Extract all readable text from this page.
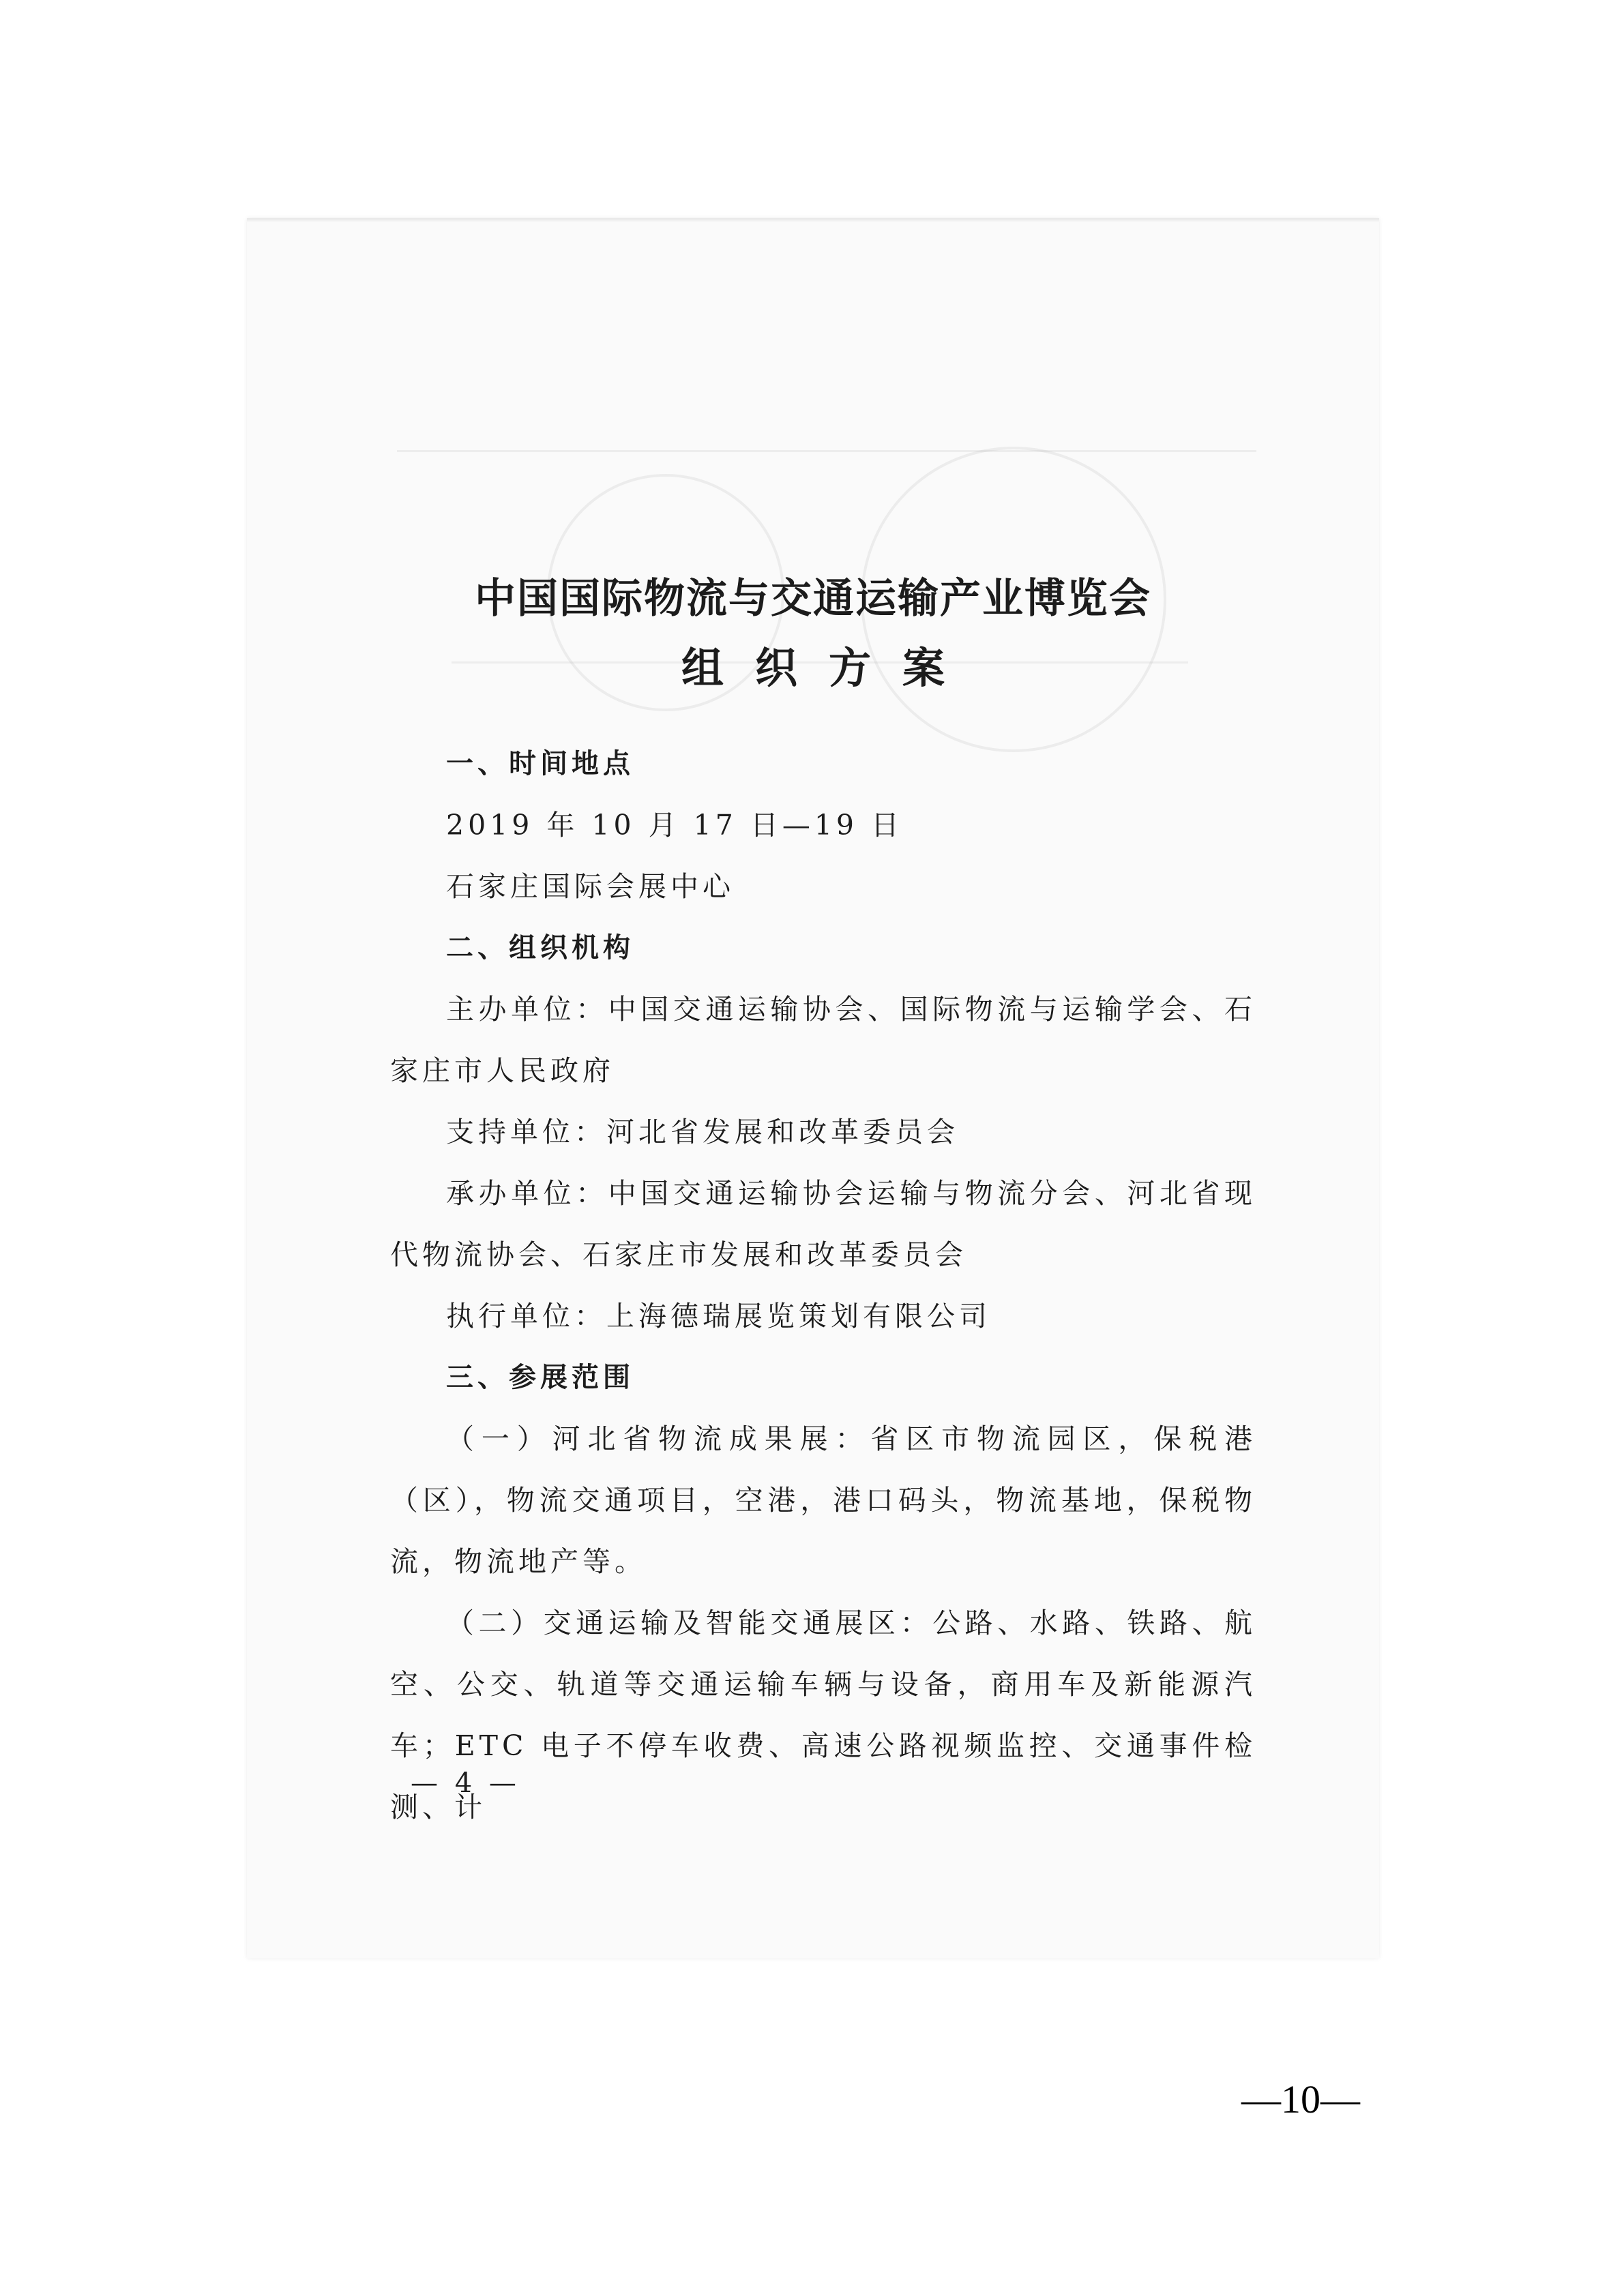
中国国际物流与交通运输产业博览会
组织方案

一、时间地点

2019 年 10 月 17 日—19 日

石家庄国际会展中心

二、组织机构

主办单位：中国交通运输协会、国际物流与运输学会、石家庄市人民政府

支持单位：河北省发展和改革委员会

承办单位：中国交通运输协会运输与物流分会、河北省现代物流协会、石家庄市发展和改革委员会

执行单位：上海德瑞展览策划有限公司

三、参展范围

（一）河北省物流成果展：省区市物流园区，保税港（区），物流交通项目，空港，港口码头，物流基地，保税物流，物流地产等。

（二）交通运输及智能交通展区：公路、水路、铁路、航空、公交、轨道等交通运输车辆与设备，商用车及新能源汽车；ETC 电子不停车收费、高速公路视频监控、交通事件检测、计

— 4 —
—10—
